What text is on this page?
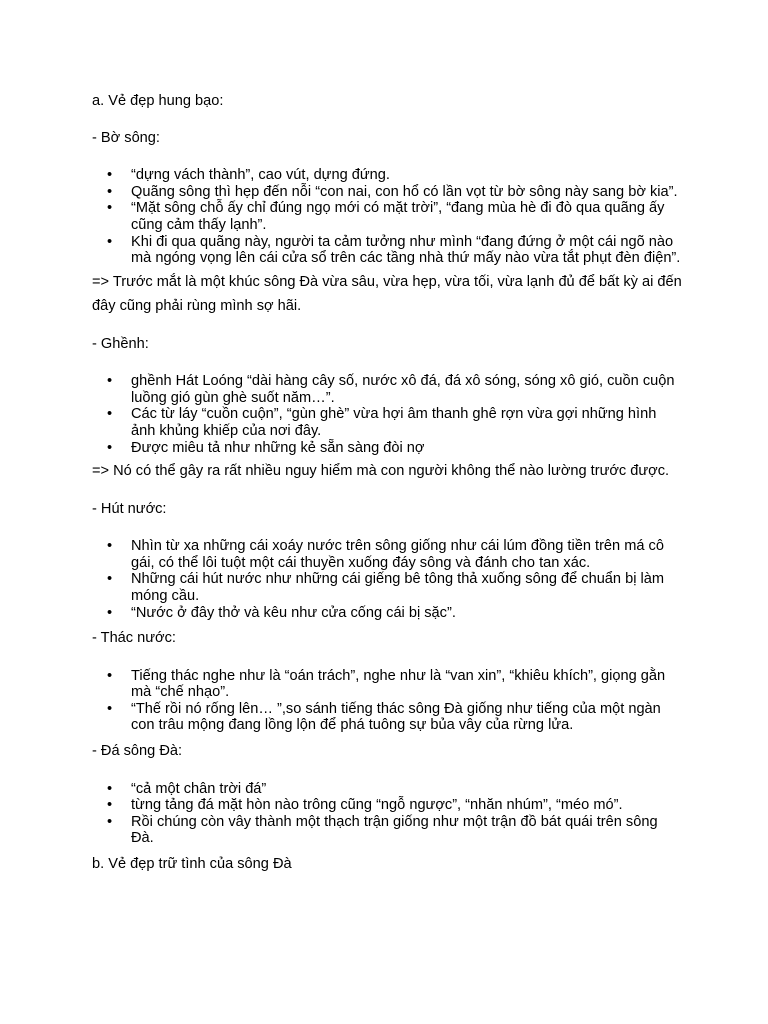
a. Vẻ đẹp hung bạo:

- Bờ sông:

• “dựng vách thành”, cao vút, dựng đứng.
• Quãng sông thì hẹp đến nỗi “con nai, con hổ có lần vọt từ bờ sông này sang bờ kia”.
• “Mặt sông chỗ ấy chỉ đúng ngọ mới có mặt trời”, “đang mùa hè đi đò qua quãng ấy cũng cảm thấy lạnh”.
• Khi đi qua quãng này, người ta cảm tưởng như mình “đang đứng ở một cái ngõ nào mà ngóng vọng lên cái cửa sổ trên các tầng nhà thứ mấy nào vừa tắt phụt đèn điện”.

=> Trước mắt là một khúc sông Đà vừa sâu, vừa hẹp, vừa tối, vừa lạnh đủ để bất kỳ ai đến đây cũng phải rùng mình sợ hãi.

- Ghềnh:

• ghềnh Hát Loóng “dài hàng cây số, nước xô đá, đá xô sóng, sóng xô gió, cuồn cuộn luồng gió gùn ghè suốt năm…”.
• Các từ láy “cuồn cuộn”, “gùn ghè” vừa hợi âm thanh ghê rợn vừa gợi những hình ảnh khủng khiếp của nơi đây.
• Được miêu tả như những kẻ sẵn sàng đòi nợ

=> Nó có thể gây ra rất nhiều nguy hiểm mà con người không thể nào lường trước được.

- Hút nước:

• Nhìn từ xa những cái xoáy nước trên sông giống như cái lúm đồng tiền trên má cô gái, có thể lôi tuột một cái thuyền xuống đáy sông và đánh cho tan xác.
• Những cái hút nước như những cái giếng bê tông thả xuống sông để chuẩn bị làm móng cầu.
• “Nước ở đây thở và kêu như cửa cống cái bị sặc”.

- Thác nước:

• Tiếng thác nghe như là “oán trách”, nghe như là “van xin”, “khiêu khích”, giọng gằn mà “chế nhạo”.
• “Thế rồi nó rống lên… ”,so sánh tiếng thác sông Đà giống như tiếng của một ngàn con trâu mộng đang lồng lộn để phá tuông sự bủa vây của rừng lửa.

- Đá sông Đà:

• “cả một chân trời đá”
• từng tảng đá mặt hòn nào trông cũng “ngỗ ngược”, “nhăn nhúm”, “méo mó”.
• Rồi chúng còn vây thành một thạch trận giống như một trận đồ bát quái trên sông Đà.

b. Vẻ đẹp trữ tình của sông Đà
